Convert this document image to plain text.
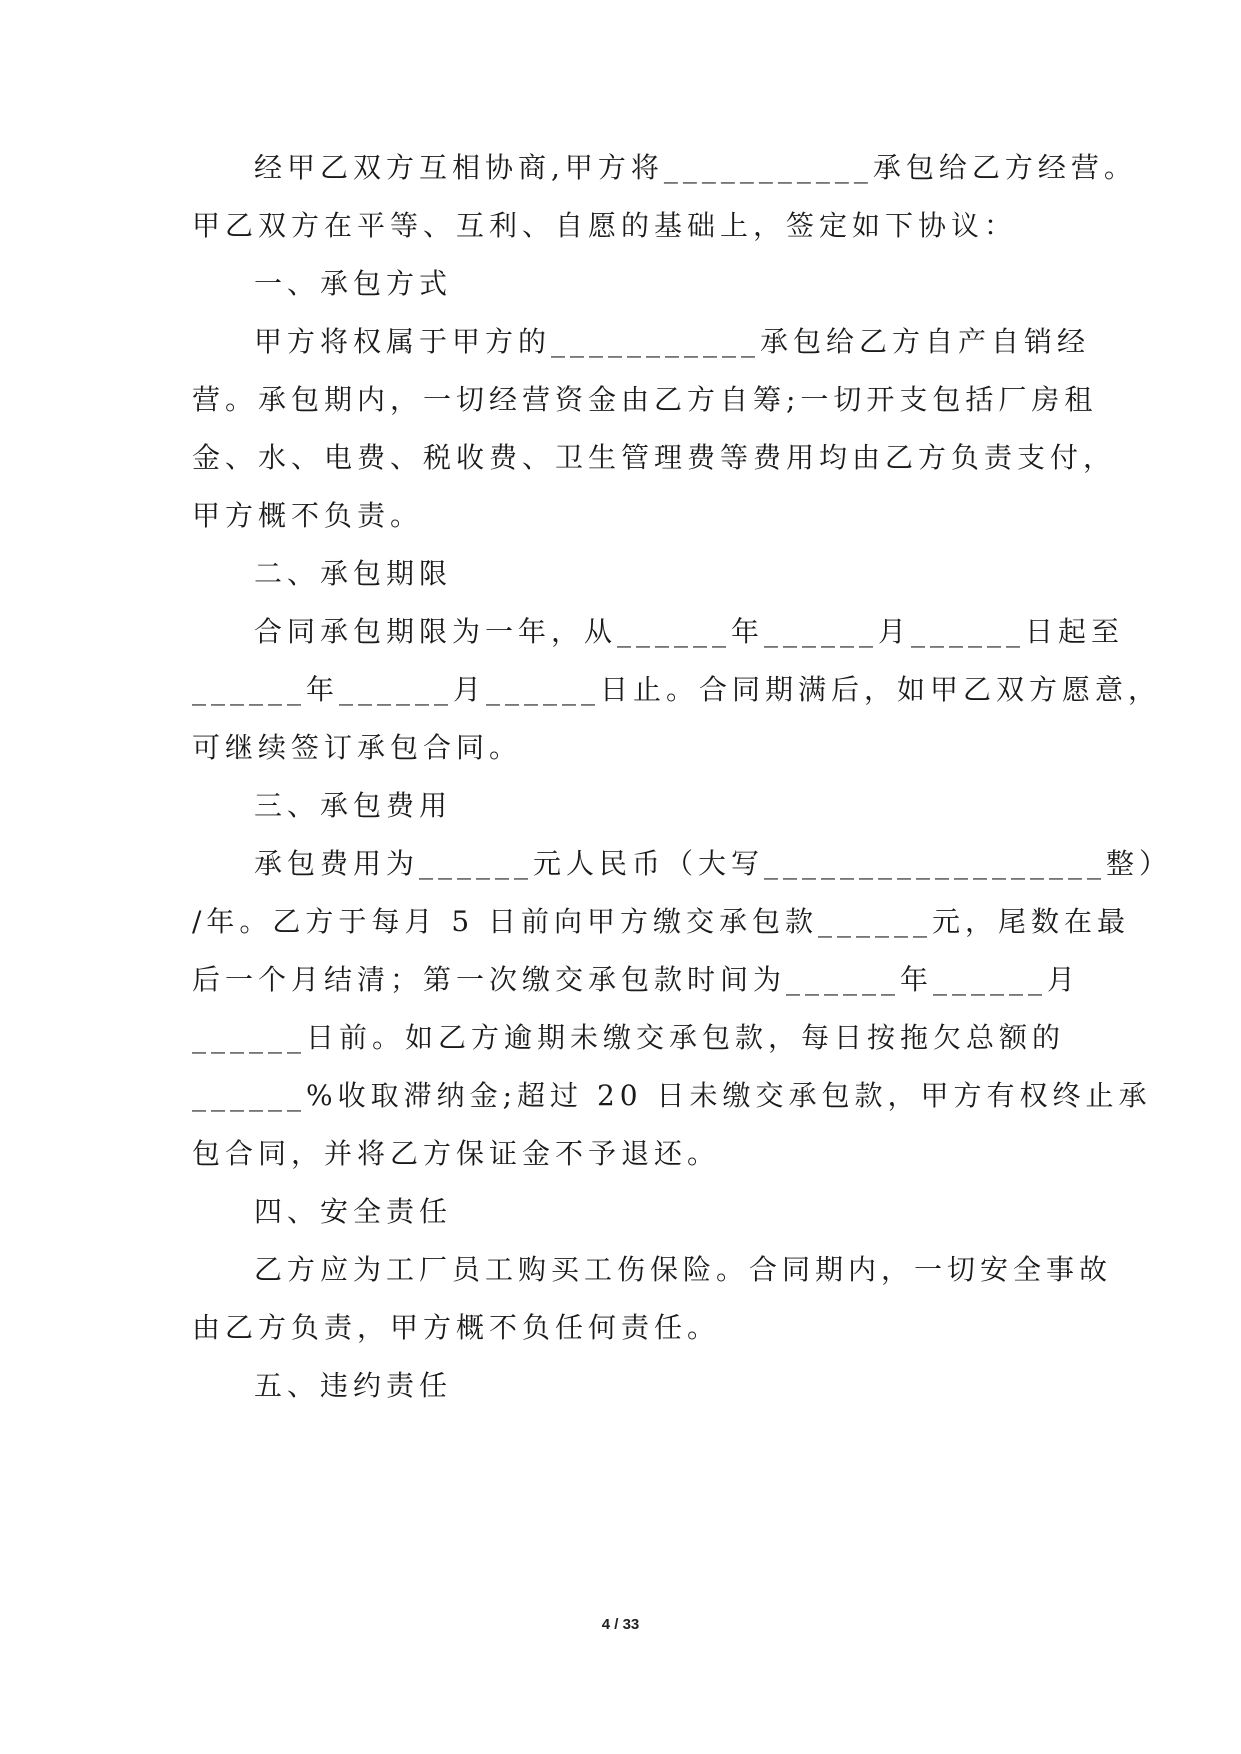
经甲乙双方互相协商,甲方将___________承包给乙方经营。
甲乙双方在平等、互利、自愿的基础上，签定如下协议：
一、承包方式
甲方将权属于甲方的___________承包给乙方自产自销经
营。承包期内，一切经营资金由乙方自筹;一切开支包括厂房租
金、水、电费、税收费、卫生管理费等费用均由乙方负责支付，
甲方概不负责。
二、承包期限
合同承包期限为一年，从______年______月______日起至
______年______月______日止。合同期满后，如甲乙双方愿意，
可继续签订承包合同。
三、承包费用
承包费用为______元人民币（大写__________________整）
/年。乙方于每月 5 日前向甲方缴交承包款______元，尾数在最
后一个月结清；第一次缴交承包款时间为______年______月
______日前。如乙方逾期未缴交承包款，每日按拖欠总额的
______%收取滞纳金;超过 20 日未缴交承包款，甲方有权终止承
包合同，并将乙方保证金不予退还。
四、安全责任
乙方应为工厂员工购买工伤保险。合同期内，一切安全事故
由乙方负责，甲方概不负任何责任。
五、违约责任
4 / 33
